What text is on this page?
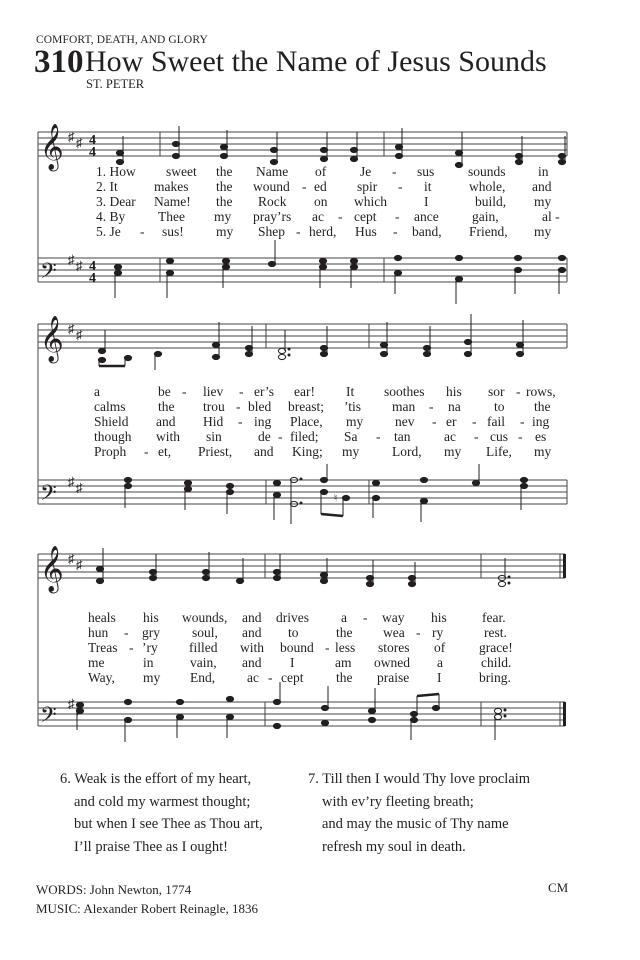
COMFORT, DEATH, AND GLORY
310 How Sweet the Name of Jesus Sounds
ST. PETER
𝄞 ♯ ♯ 4
4
𝄢 ♯ ♯ 4
4
1. How sweet the Name of	Je - sus sounds in
2. It	makes the wound - ed spir - it	whole, and
3. Dear Name! the Rock on which	I	build, my
4. By Thee my pray’rs ac - cept - ance gain,	al -
5. Je - sus! my Shep - herd, Hus - band, Friend, my
𝄞 ♯ ♯
𝄢 ♯ ♯
♮
a	be - liev - er’s ear! It soothes his sor - rows,
calms the trou - bled breast; ’tis man - na to the
Shield and Hid - ing Place, my nev - er - fail - ing
though with sin	de - filed; Sa - tan ac - cus - es
Proph - et, Priest, and King; my Lord, my Life, my
𝄞 ♯ ♯
𝄢 ♯
heals his wounds, and drives a - way his	fear.
hun - gry soul, and to	the wea - ry	rest.
Treas - ’ry filled with bound - less stores of	grace!
me	in	vain, and I	am owned a	child.
Way, my End, ac - cept the praise I	bring.
6. Weak is the effort of my heart,
and cold my warmest thought;
but when I see Thee as Thou art,
I’ll praise Thee as I ought!
7. Till then I would Thy love proclaim
with ev’ry fleeting breath;
and may the music of Thy name
refresh my soul in death.
WORDS: John Newton, 1774
MUSIC: Alexander Robert Reinagle, 1836
CM
